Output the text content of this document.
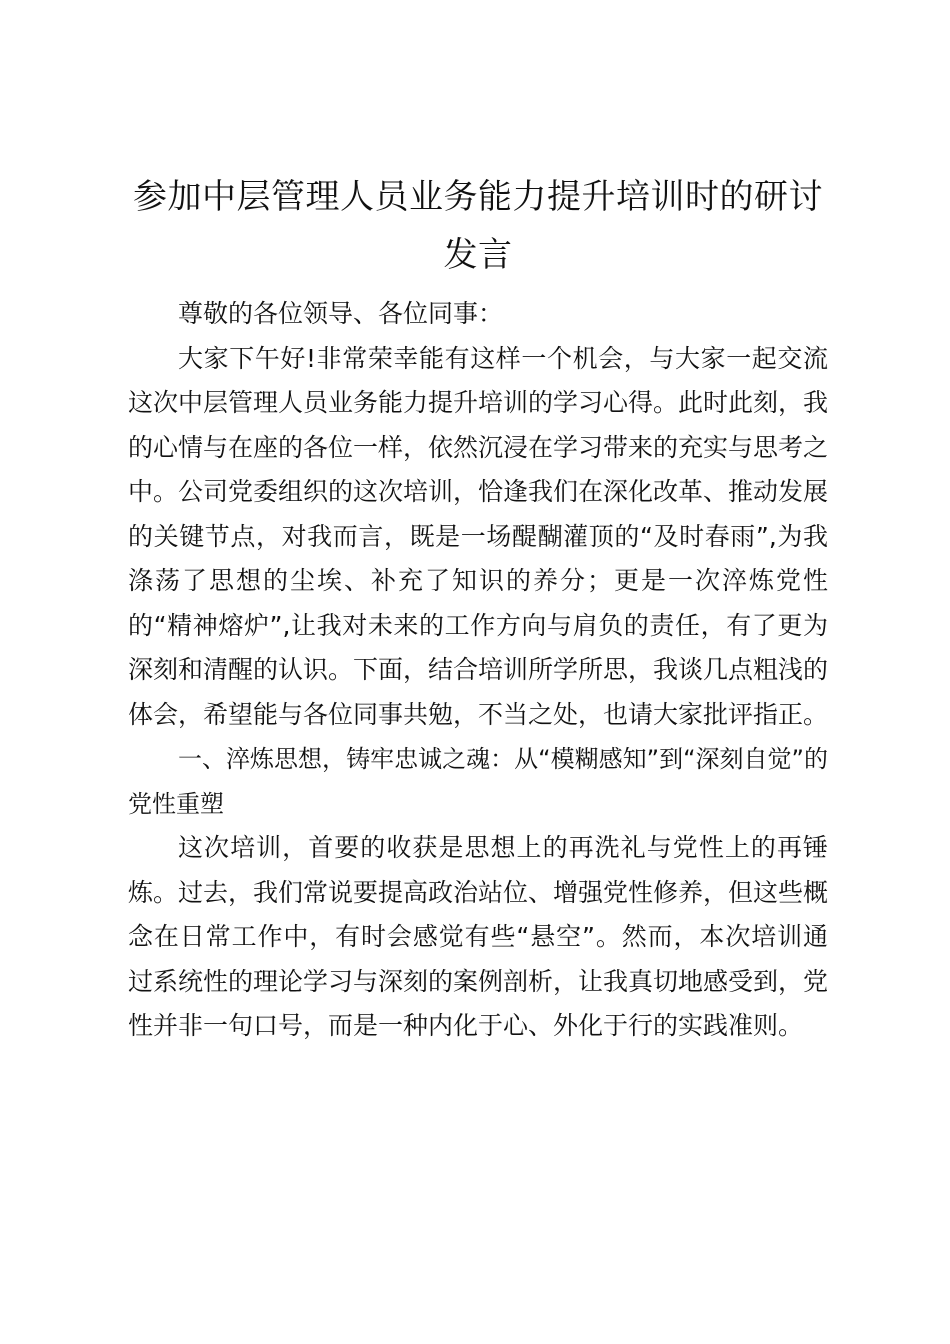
参加中层管理人员业务能力提升培训时的研讨发言

尊敬的各位领导、各位同事：

大家下午好!非常荣幸能有这样一个机会，与大家一起交流这次中层管理人员业务能力提升培训的学习心得。此时此刻，我的心情与在座的各位一样，依然沉浸在学习带来的充实与思考之中。公司党委组织的这次培训，恰逢我们在深化改革、推动发展的关键节点，对我而言，既是一场醍醐灌顶的“及时春雨”,为我涤荡了思想的尘埃、补充了知识的养分；更是一次淬炼党性的“精神熔炉”,让我对未来的工作方向与肩负的责任，有了更为深刻和清醒的认识。下面，结合培训所学所思，我谈几点粗浅的体会，希望能与各位同事共勉，不当之处，也请大家批评指正。

一、淬炼思想，铸牢忠诚之魂：从“模糊感知”到“深刻自觉”的党性重塑

这次培训，首要的收获是思想上的再洗礼与党性上的再锤炼。过去，我们常说要提高政治站位、增强党性修养，但这些概念在日常工作中，有时会感觉有些“悬空”。然而，本次培训通过系统性的理论学习与深刻的案例剖析，让我真切地感受到，党性并非一句口号，而是一种内化于心、外化于行的实践准则。
